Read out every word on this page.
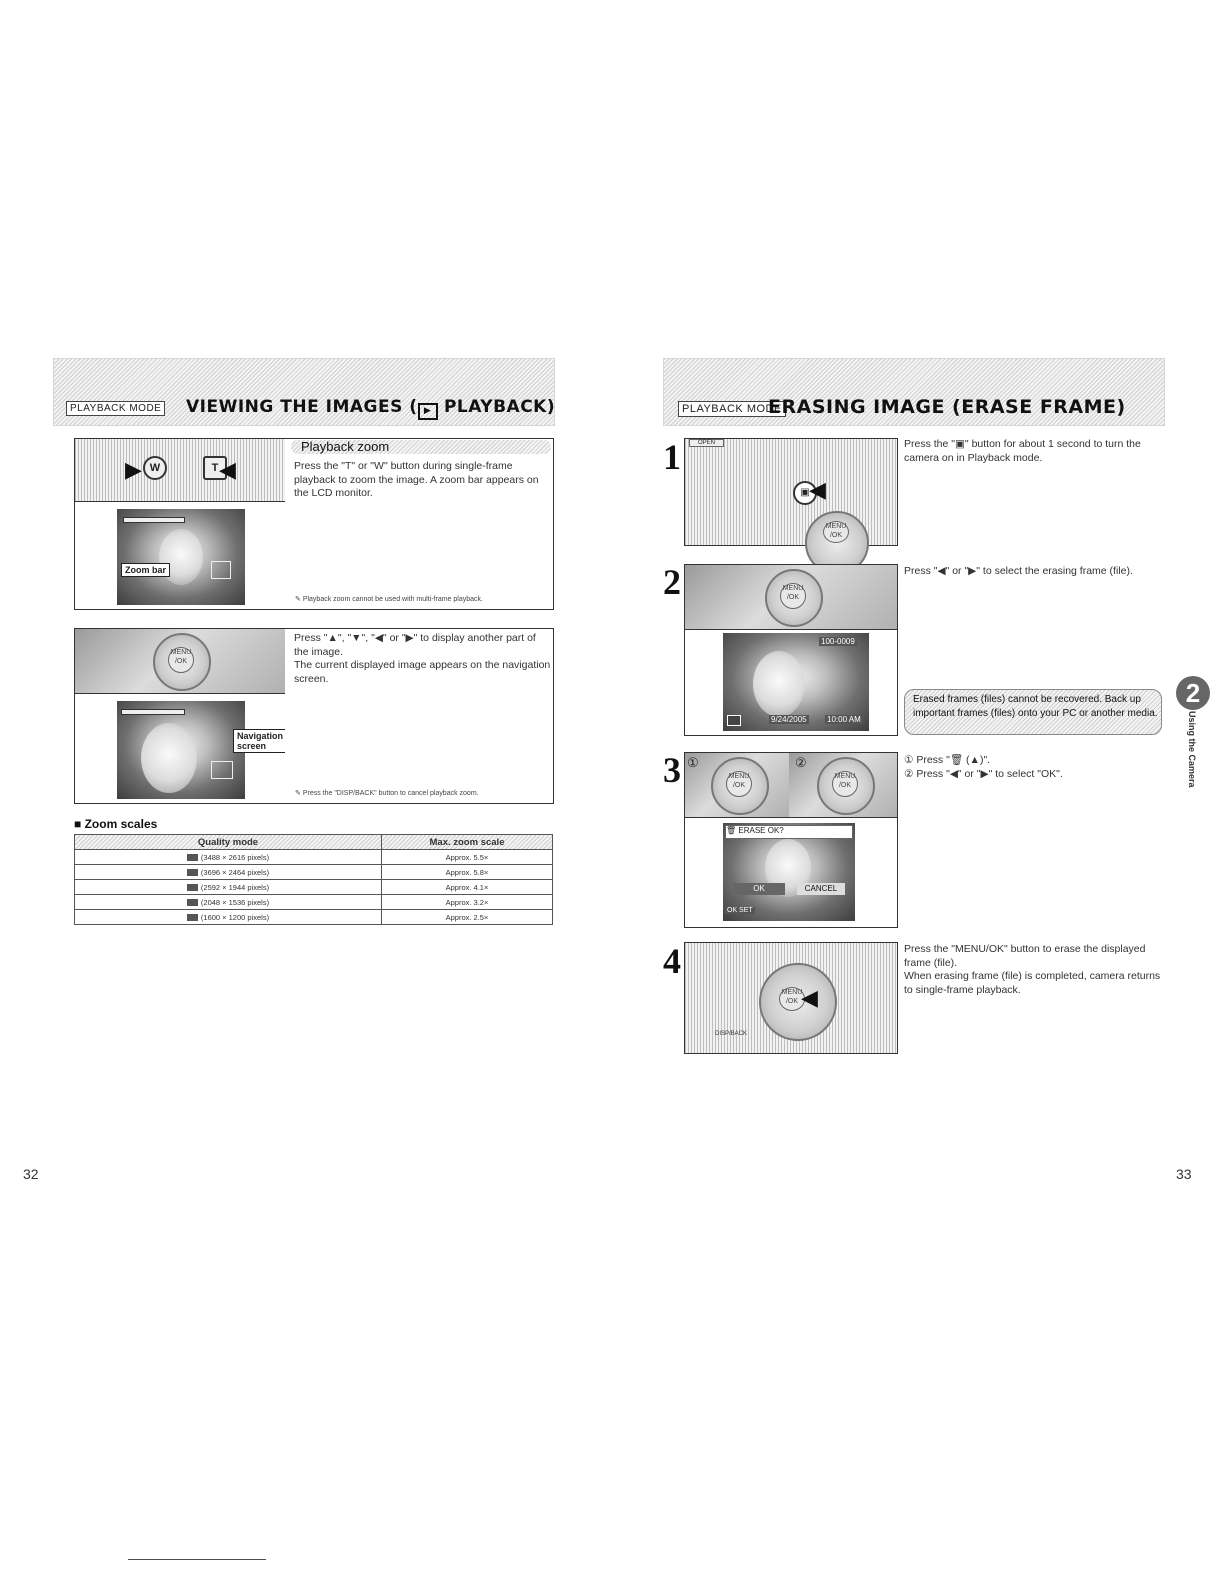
PLAYBACK MODE VIEWING THE IMAGES ( ▶ PLAYBACK)
▶ W	T ◀
Zoom bar
Playback zoom
Press the "T" or "W" button during single-frame playback to zoom the image. A zoom bar appears on the LCD monitor.
✎ Playback zoom cannot be used with multi-frame playback.
MENU /OK
Navigation screen
Press "▲", "▼", "◀" or "▶" to display another part of the image.
The current displayed image appears on the navigation screen.
✎ Press the "DISP/BACK" button to cancel playback zoom.
■ Zoom scales
Quality mode	Max. zoom scale
(3488 × 2616 pixels)	Approx. 5.5×
(3696 × 2464 pixels)	Approx. 5.8×
(2592 × 1944 pixels)	Approx. 4.1×
(2048 × 1536 pixels)	Approx. 3.2×
(1600 × 1200 pixels)	Approx. 2.5×
32
PLAYBACK MODE
ERASING IMAGE (ERASE FRAME)
1	OPEN
▣ ◀
MENU /OK
Press the "▣" button for about 1 second to turn the camera on in Playback mode.
2	MENU /OK
100-0009
9/24/2005	10:00 AM
Press "◀" or "▶" to select the erasing frame (file).
Erased frames (files) cannot be recovered. Back up important frames (files) onto your PC or another media.
3 ①
MENU /OK
②
MENU /OK
🗑 ERASE OK?
OK	CANCEL
OK SET
① Press "🗑 (▲)".
② Press "◀" or "▶" to select "OK".
4
MENU /OK ◀
DISP/BACK
Press the "MENU/OK" button to erase the displayed frame (file).
When erasing frame (file) is completed, camera returns to single-frame playback.
2
Using the Camera
33
